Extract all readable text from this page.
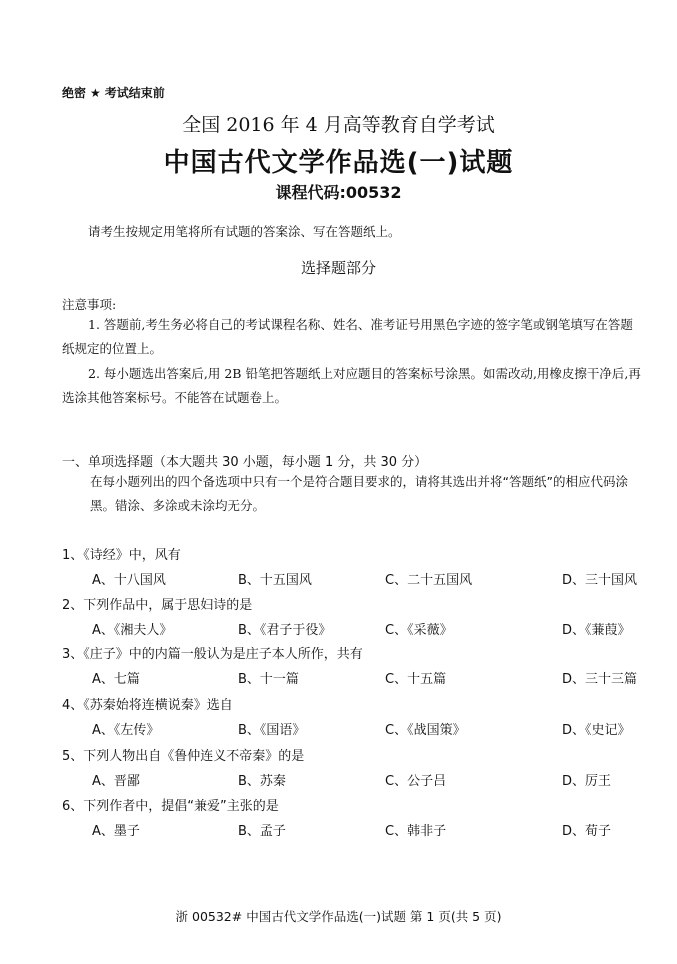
绝密 ★ 考试结束前
全国 2016 年 4 月高等教育自学考试
中国古代文学作品选(一)试题
课程代码:00532
请考生按规定用笔将所有试题的答案涂、写在答题纸上。
选择题部分
注意事项:
1. 答题前,考生务必将自己的考试课程名称、姓名、准考证号用黑色字迹的签字笔或钢笔填写在答题纸规定的位置上。
2. 每小题选出答案后,用 2B 铅笔把答题纸上对应题目的答案标号涂黑。如需改动,用橡皮擦干净后,再选涂其他答案标号。不能答在试题卷上。
一、单项选择题（本大题共 30 小题，每小题 1 分，共 30 分）
在每小题列出的四个备选项中只有一个是符合题目要求的，请将其选出并将“答题纸”的相应代码涂黑。错涂、多涂或未涂均无分。
1、《诗经》中，风有
A、十八国风	B、十五国风	C、二十五国风	D、三十国风
2、下列作品中，属于思妇诗的是
A、《湘夫人》	B、《君子于役》	C、《采薇》	D、《蒹葭》
3、《庄子》中的内篇一般认为是庄子本人所作，共有
A、七篇	B、十一篇	C、十五篇	D、三十三篇
4、《苏秦始将连横说秦》选自
A、《左传》	B、《国语》	C、《战国策》	D、《史记》
5、下列人物出自《鲁仲连义不帝秦》的是
A、晋鄙	B、苏秦	C、公子吕	D、厉王
6、下列作者中，提倡“兼爱”主张的是
A、墨子	B、孟子	C、韩非子	D、荀子
浙 00532# 中国古代文学作品选(一)试题 第 1 页(共 5 页)
